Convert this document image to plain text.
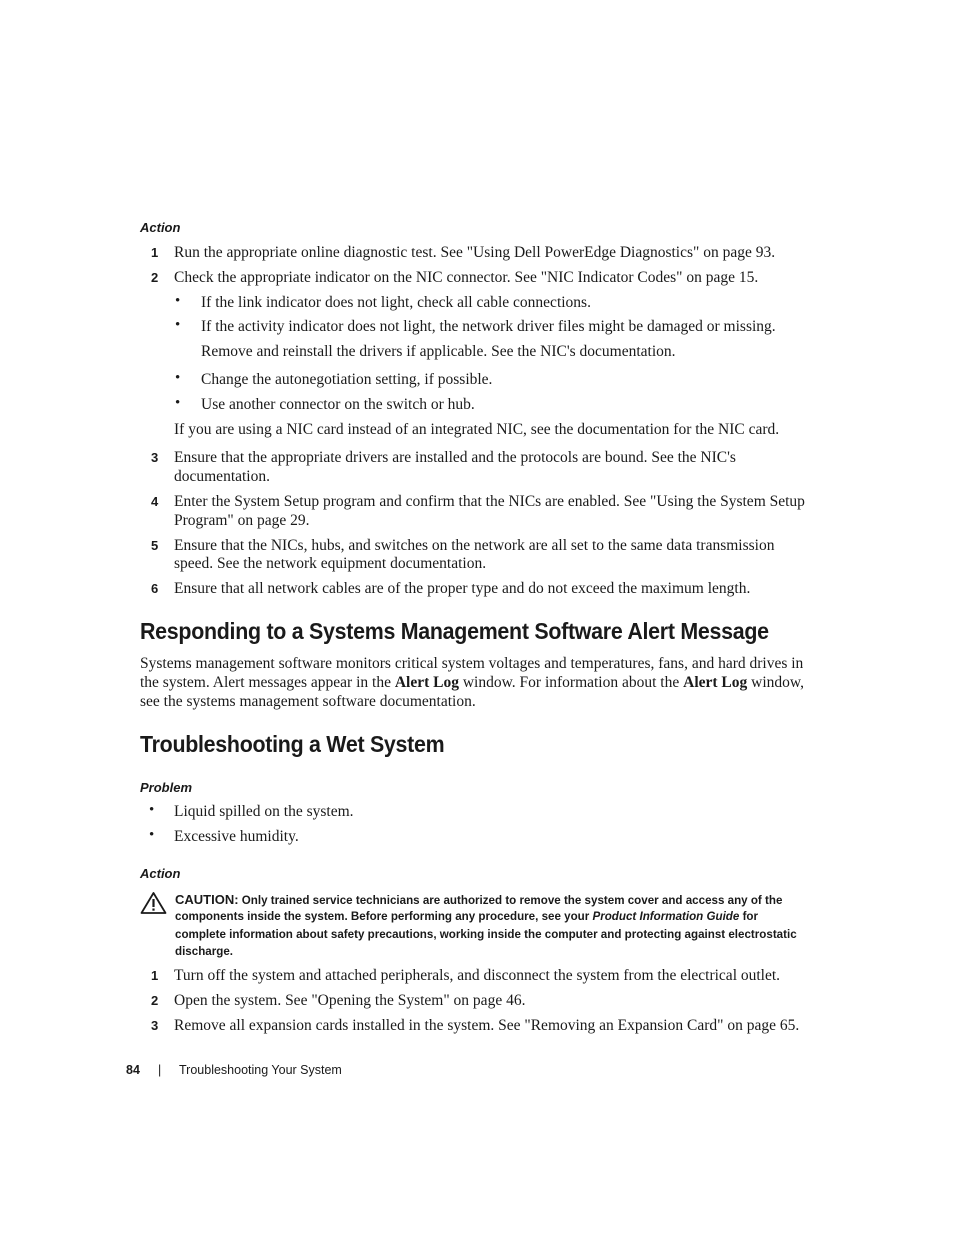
Action
1 Run the appropriate online diagnostic test. See "Using Dell PowerEdge Diagnostics" on page 93.
2 Check the appropriate indicator on the NIC connector. See "NIC Indicator Codes" on page 15.
• If the link indicator does not light, check all cable connections.
• If the activity indicator does not light, the network driver files might be damaged or missing.
Remove and reinstall the drivers if applicable. See the NIC's documentation.
• Change the autonegotiation setting, if possible.
• Use another connector on the switch or hub.
If you are using a NIC card instead of an integrated NIC, see the documentation for the NIC card.
3 Ensure that the appropriate drivers are installed and the protocols are bound. See the NIC's
documentation.
4 Enter the System Setup program and confirm that the NICs are enabled. See "Using the System Setup
Program" on page 29.
5 Ensure that the NICs, hubs, and switches on the network are all set to the same data transmission
speed. See the network equipment documentation.
6 Ensure that all network cables are of the proper type and do not exceed the maximum length.
Responding to a Systems Management Software Alert Message
Systems management software monitors critical system voltages and temperatures, fans, and hard drives in
the system. Alert messages appear in the Alert Log window. For information about the Alert Log window,
see the systems management software documentation.
Troubleshooting a Wet System
Problem
• Liquid spilled on the system.
• Excessive humidity.
Action
CAUTION: Only trained service technicians are authorized to remove the system cover and access any of the
components inside the system. Before performing any procedure, see your Product Information Guide for
complete information about safety precautions, working inside the computer and protecting against electrostatic
discharge.
1 Turn off the system and attached peripherals, and disconnect the system from the electrical outlet.
2 Open the system. See "Opening the System" on page 46.
3 Remove all expansion cards installed in the system. See "Removing an Expansion Card" on page 65.
84 | Troubleshooting Your System
